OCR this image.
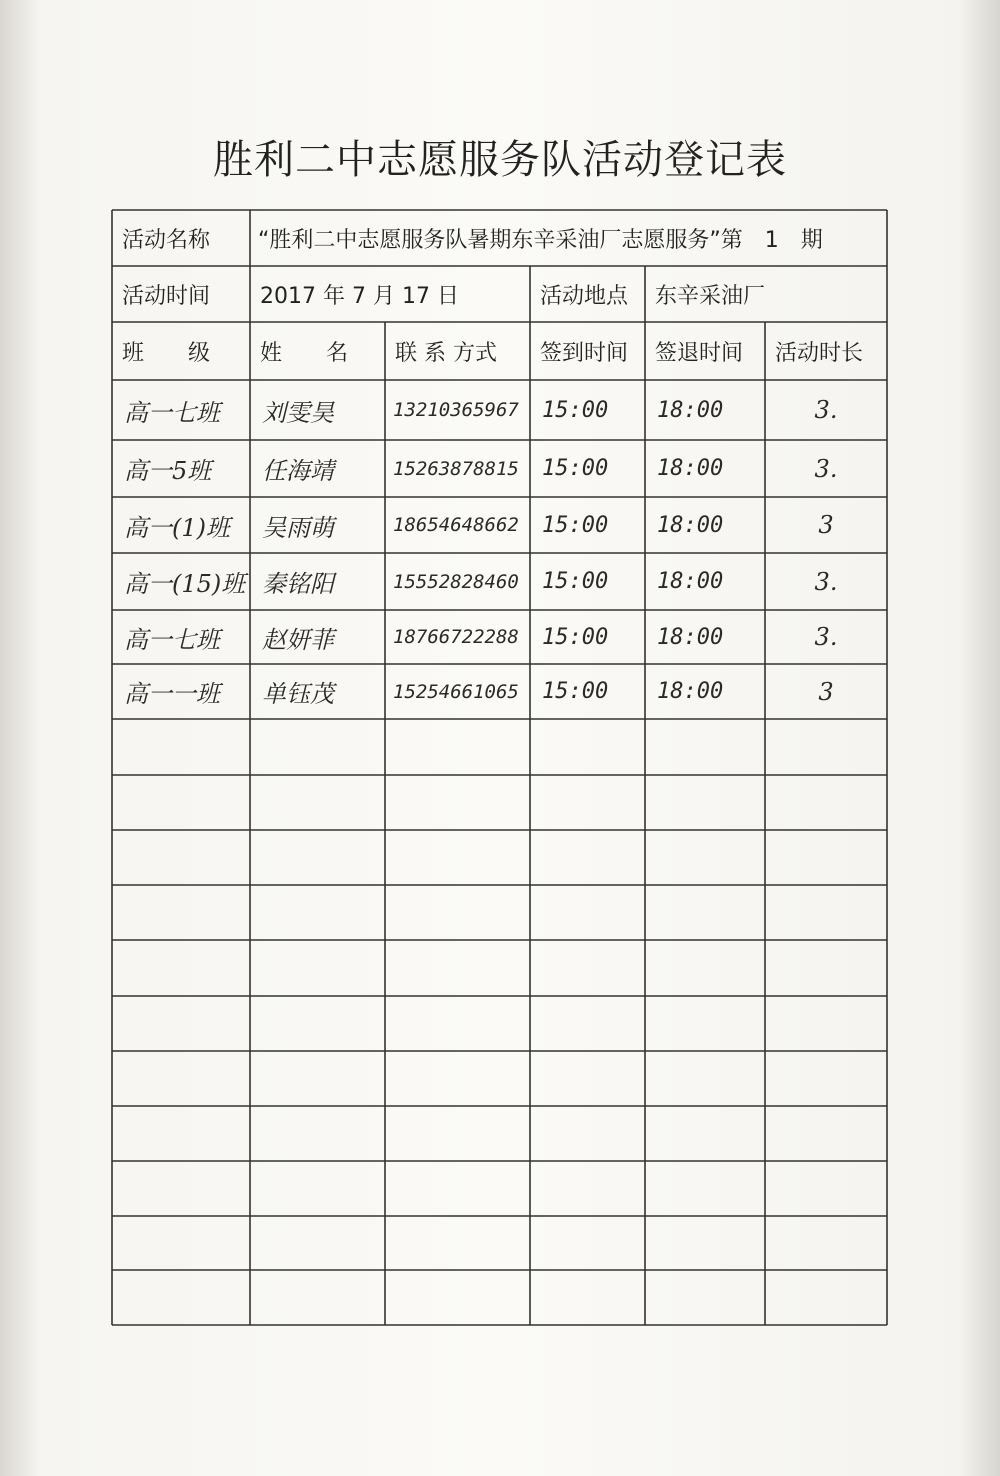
胜利二中志愿服务队活动登记表
活动名称	“胜利二中志愿服务队暑期东辛采油厂志愿服务”第　1　期
活动时间	2017 年 7 月 17 日	活动地点	东辛采油厂
班　　级	姓　　名	联 系 方式	签到时间	签退时间	活动时长
高一七班	刘雯昊	13210365967	15:00	18:00	3.
高一5班	任海靖	15263878815	15:00	18:00	3.
高一(1)班	吴雨萌	18654648662	15:00	18:00	3
高一(15)班 秦铭阳	15552828460	15:00	18:00	3.
高一七班	赵妍菲	18766722288	15:00	18:00	3.
高一一班	单钰茂	15254661065	15:00	18:00	3
